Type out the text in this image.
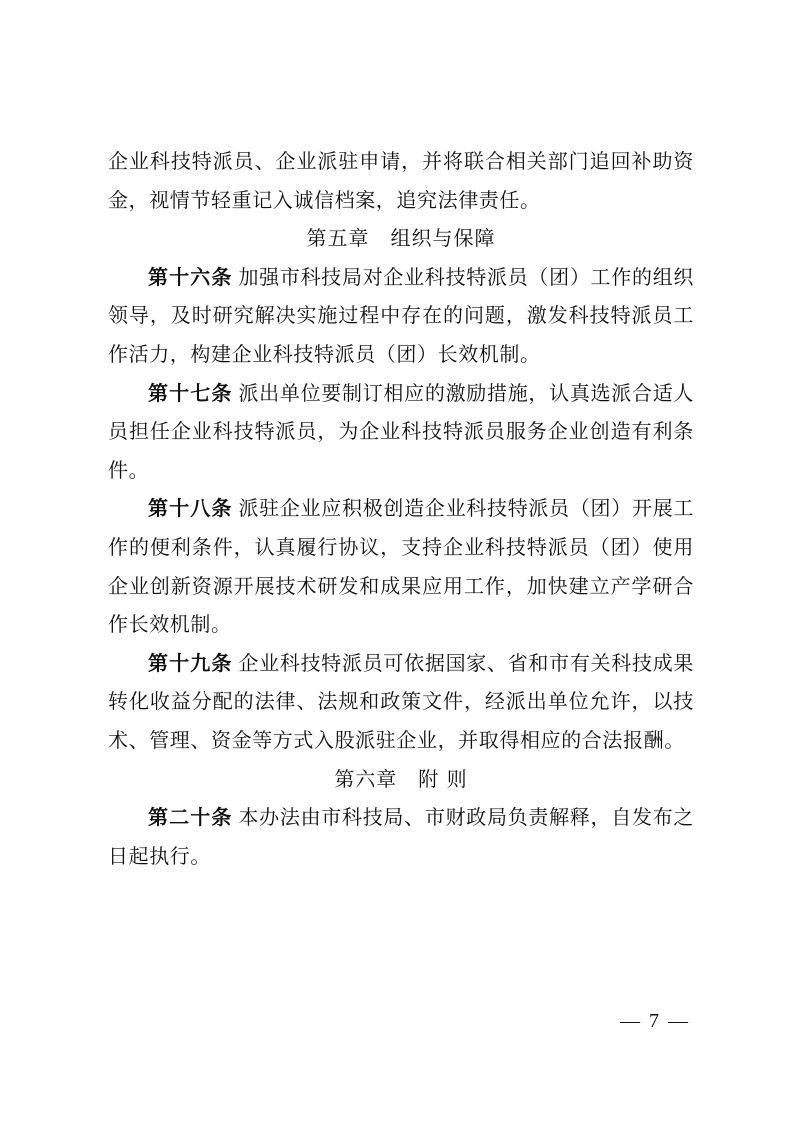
企业科技特派员、企业派驻申请，并将联合相关部门追回补助资金，视情节轻重记入诚信档案，追究法律责任。

第五章　组织与保障

第十六条 加强市科技局对企业科技特派员（团）工作的组织领导，及时研究解决实施过程中存在的问题，激发科技特派员工作活力，构建企业科技特派员（团）长效机制。

第十七条 派出单位要制订相应的激励措施，认真选派合适人员担任企业科技特派员，为企业科技特派员服务企业创造有利条件。

第十八条 派驻企业应积极创造企业科技特派员（团）开展工作的便利条件，认真履行协议，支持企业科技特派员（团）使用企业创新资源开展技术研发和成果应用工作，加快建立产学研合作长效机制。

第十九条 企业科技特派员可依据国家、省和市有关科技成果转化收益分配的法律、法规和政策文件，经派出单位允许，以技术、管理、资金等方式入股派驻企业，并取得相应的合法报酬。

第六章　附 则

第二十条 本办法由市科技局、市财政局负责解释，自发布之日起执行。

— 7 —
